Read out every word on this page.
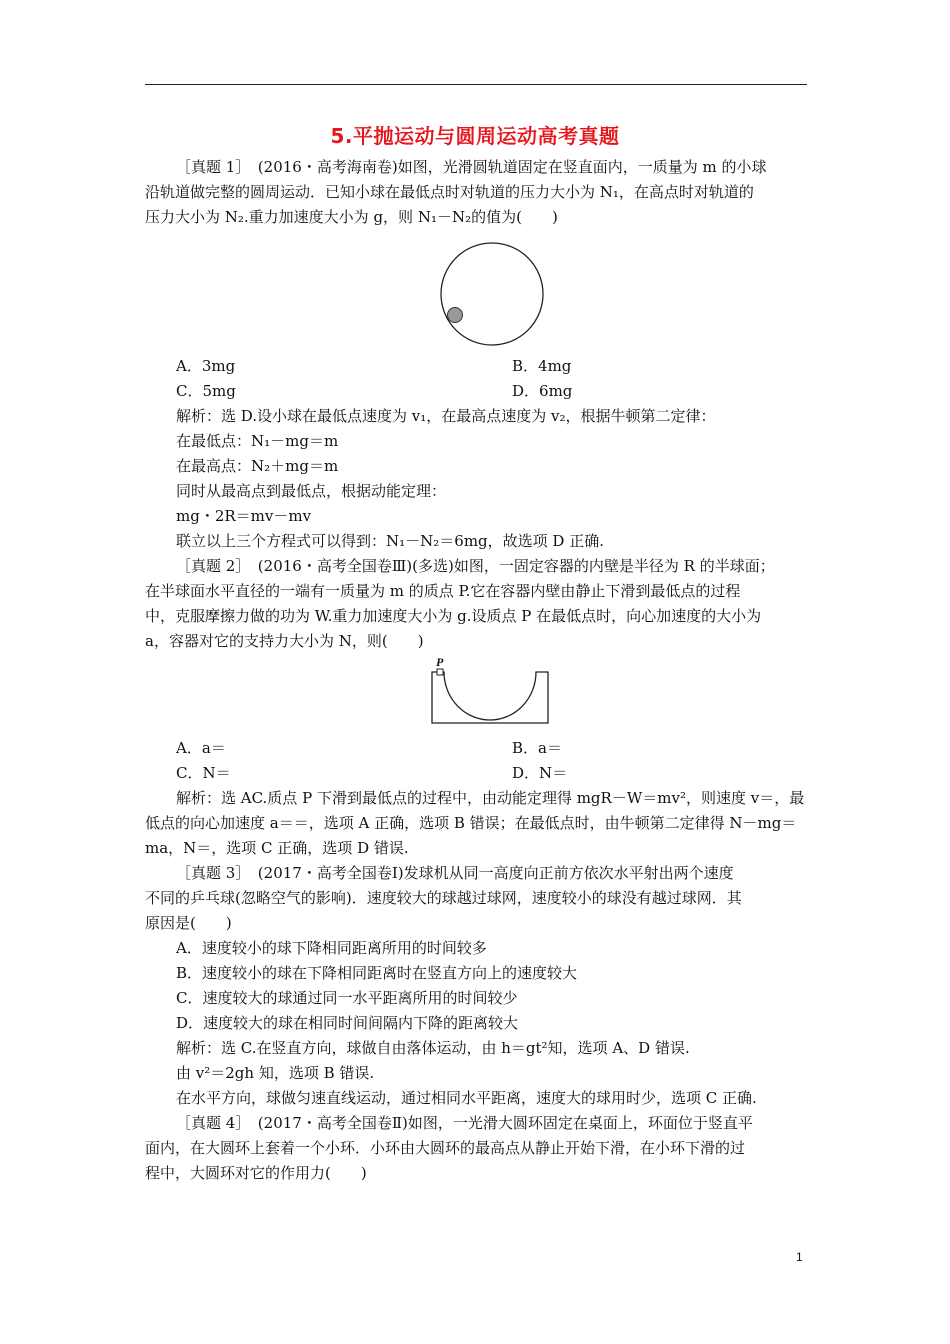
5.平抛运动与圆周运动高考真题
［真题 1］　(2016・高考海南卷)如图，光滑圆轨道固定在竖直面内，一质量为 m 的小球
沿轨道做完整的圆周运动．已知小球在最低点时对轨道的压力大小为 N₁，在高点时对轨道的
压力大小为 N₂.重力加速度大小为 g，则 N₁－N₂的值为(　　)
A．3mg	B．4mg
C．5mg	D．6mg
解析：选 D.设小球在最低点速度为 v₁，在最高点速度为 v₂，根据牛顿第二定律：
在最低点：N₁－mg＝m
在最高点：N₂＋mg＝m
同时从最高点到最低点，根据动能定理：
mg・2R＝mv－mv
联立以上三个方程式可以得到：N₁－N₂＝6mg，故选项 D 正确.
［真题 2］　(2016・高考全国卷Ⅲ)(多选)如图，一固定容器的内壁是半径为 R 的半球面；
在半球面水平直径的一端有一质量为 m 的质点 P.它在容器内壁由静止下滑到最低点的过程
中，克服摩擦力做的功为 W.重力加速度大小为 g.设质点 P 在最低点时，向心加速度的大小为
a，容器对它的支持力大小为 N，则(　　)
P
A．a＝	B．a＝
C．N＝	D．N＝
解析：选 AC.质点 P 下滑到最低点的过程中，由动能定理得 mgR－W＝mv²，则速度 v＝，最
低点的向心加速度 a＝＝，选项 A 正确，选项 B 错误；在最低点时，由牛顿第二定律得 N－mg＝
ma，N＝，选项 C 正确，选项 D 错误.
［真题 3］　(2017・高考全国卷Ⅰ)发球机从同一高度向正前方依次水平射出两个速度
不同的乒乓球(忽略空气的影响)．速度较大的球越过球网，速度较小的球没有越过球网．其
原因是(　　)
A．速度较小的球下降相同距离所用的时间较多
B．速度较小的球在下降相同距离时在竖直方向上的速度较大
C．速度较大的球通过同一水平距离所用的时间较少
D．速度较大的球在相同时间间隔内下降的距离较大
解析：选 C.在竖直方向，球做自由落体运动，由 h＝gt²知，选项 A、D 错误.
由 v²＝2gh 知，选项 B 错误.
在水平方向，球做匀速直线运动，通过相同水平距离，速度大的球用时少，选项 C 正确.
［真题 4］　(2017・高考全国卷Ⅱ)如图，一光滑大圆环固定在桌面上，环面位于竖直平
面内，在大圆环上套着一个小环．小环由大圆环的最高点从静止开始下滑，在小环下滑的过
程中，大圆环对它的作用力(　　)
1
